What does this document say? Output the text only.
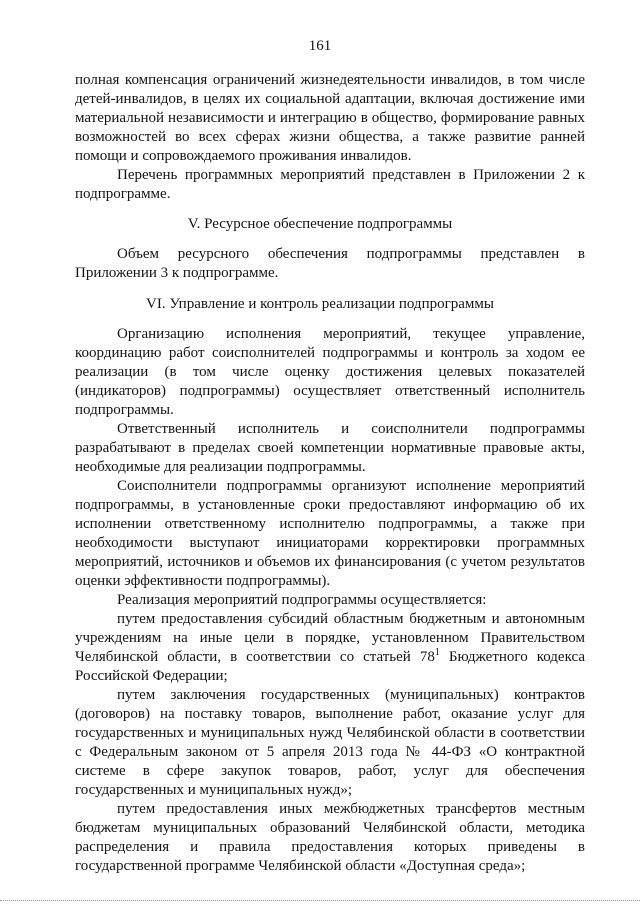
161
полная компенсация ограничений жизнедеятельности инвалидов, в том числе
детей-инвалидов, в целях их социальной адаптации, включая достижение ими
материальной независимости и интеграцию в общество, формирование равных
возможностей во всех сферах жизни общества, а также развитие ранней
помощи и сопровождаемого проживания инвалидов.
Перечень программных мероприятий представлен в Приложении 2 к
подпрограмме.
V. Ресурсное обеспечение подпрограммы
Объем ресурсного обеспечения подпрограммы представлен в
Приложении 3 к подпрограмме.
VI. Управление и контроль реализации подпрограммы
Организацию исполнения мероприятий, текущее управление,
координацию работ соисполнителей подпрограммы и контроль за ходом ее
реализации (в том числе оценку достижения целевых показателей
(индикаторов) подпрограммы) осуществляет ответственный исполнитель
подпрограммы.
Ответственный исполнитель и соисполнители подпрограммы
разрабатывают в пределах своей компетенции нормативные правовые акты,
необходимые для реализации подпрограммы.
Соисполнители подпрограммы организуют исполнение мероприятий
подпрограммы, в установленные сроки предоставляют информацию об их
исполнении ответственному исполнителю подпрограммы, а также при
необходимости выступают инициаторами корректировки программных
мероприятий, источников и объемов их финансирования (с учетом результатов
оценки эффективности подпрограммы).
Реализация мероприятий подпрограммы осуществляется:
путем предоставления субсидий областным бюджетным и автономным
учреждениям на иные цели в порядке, установленном Правительством
Челябинской области, в соответствии со статьей $78^1$ Бюджетного кодекса
Российской Федерации;
путем заключения государственных (муниципальных) контрактов
(договоров) на поставку товаров, выполнение работ, оказание услуг для
государственных и муниципальных нужд Челябинской области в соответствии
с Федеральным законом от 5 апреля 2013 года № 44-ФЗ «О контрактной
системе в сфере закупок товаров, работ, услуг для обеспечения
государственных и муниципальных нужд»;
путем предоставления иных межбюджетных трансфертов местным
бюджетам муниципальных образований Челябинской области, методика
распределения и правила предоставления которых приведены в
государственной программе Челябинской области «Доступная среда»;
